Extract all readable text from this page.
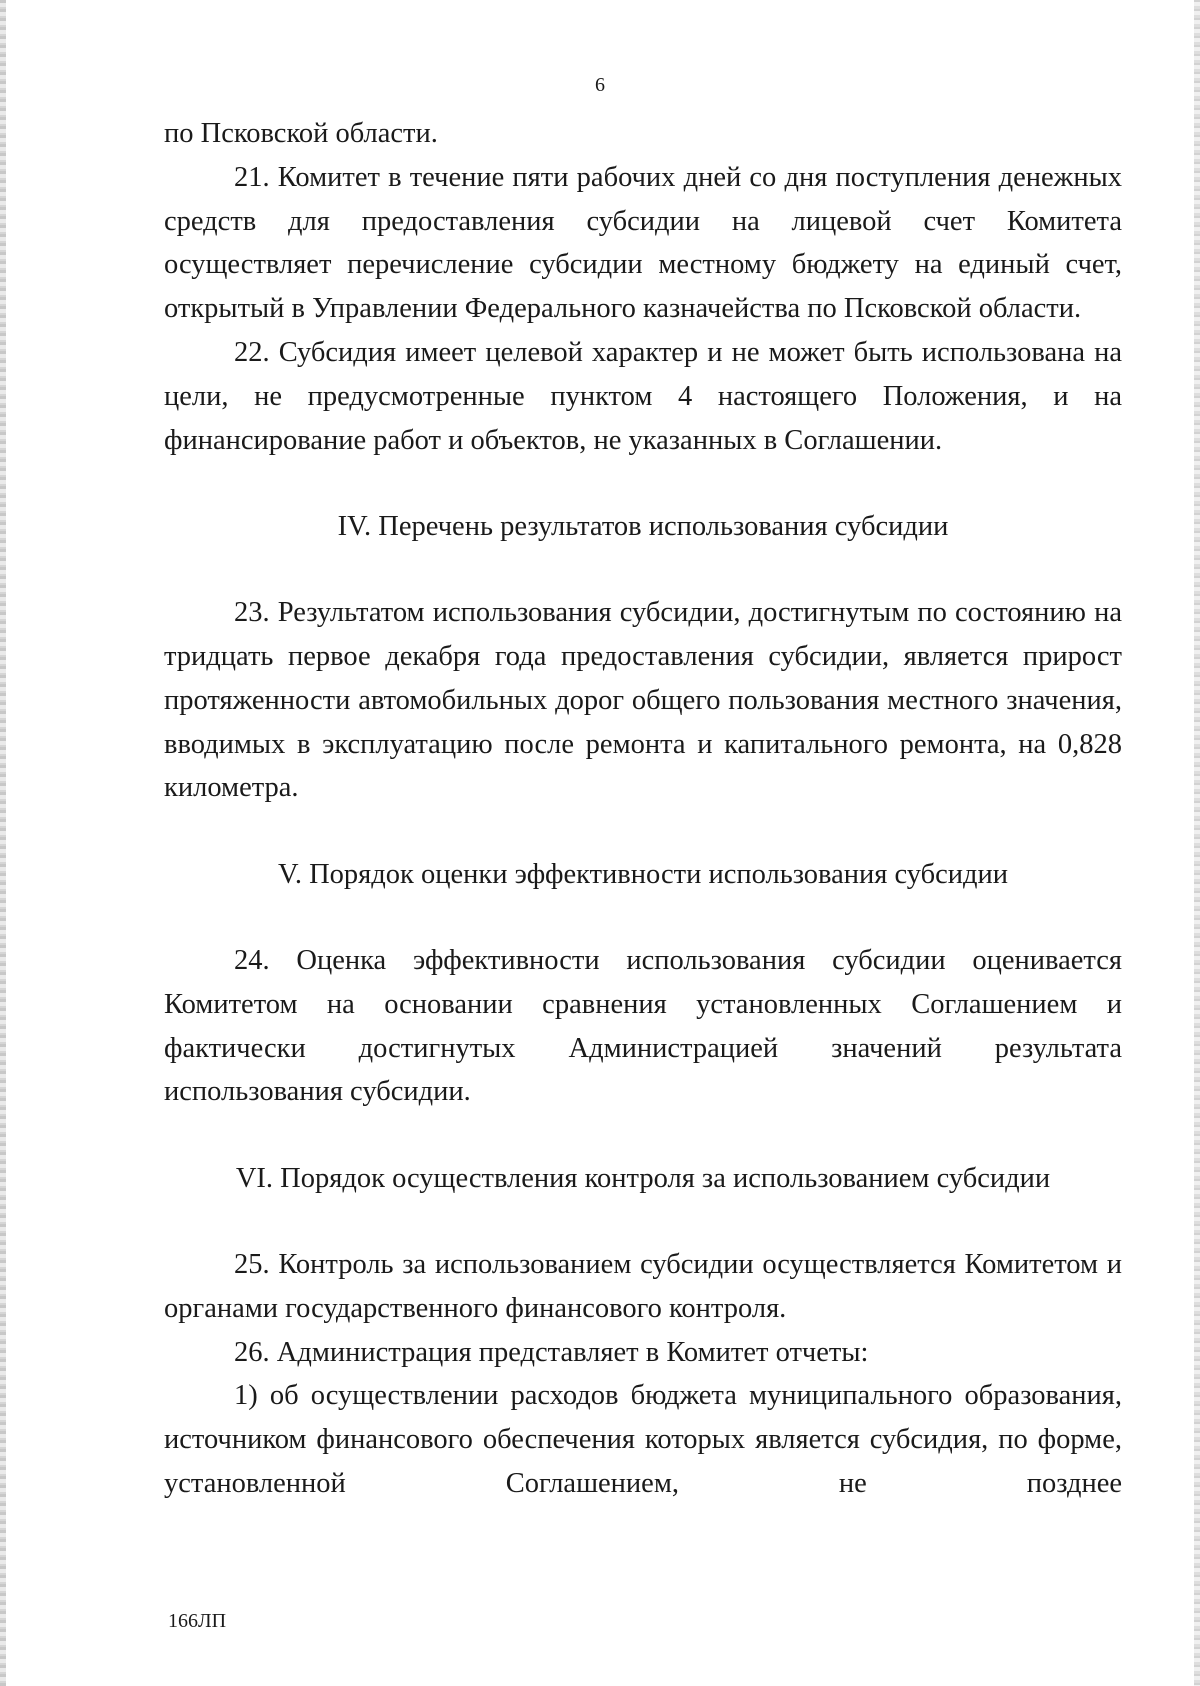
6

по Псковской области.

21. Комитет в течение пяти рабочих дней со дня поступления денежных средств для предоставления субсидии на лицевой счет Комитета осуществляет перечисление субсидии местному бюджету на единый счет, открытый в Управлении Федерального казначейства по Псковской области.

22. Субсидия имеет целевой характер и не может быть использована на цели, не предусмотренные пунктом 4 настоящего Положения, и на финансирование работ и объектов, не указанных в Соглашении.

IV. Перечень результатов использования субсидии

23. Результатом использования субсидии, достигнутым по состоянию на тридцать первое декабря года предоставления субсидии, является прирост протяженности автомобильных дорог общего пользования местного значения, вводимых в эксплуатацию после ремонта и капитального ремонта, на 0,828 километра.

V. Порядок оценки эффективности использования субсидии

24. Оценка эффективности использования субсидии оценивается Комитетом на основании сравнения установленных Соглашением и фактически достигнутых Администрацией значений результата использования субсидии.

VI. Порядок осуществления контроля за использованием субсидии

25. Контроль за использованием субсидии осуществляется Комитетом и органами государственного финансового контроля.

26. Администрация представляет в Комитет отчеты:

1) об осуществлении расходов бюджета муниципального образования, источником финансового обеспечения которых является субсидия, по форме, установленной Соглашением, не позднее

166ЛП
